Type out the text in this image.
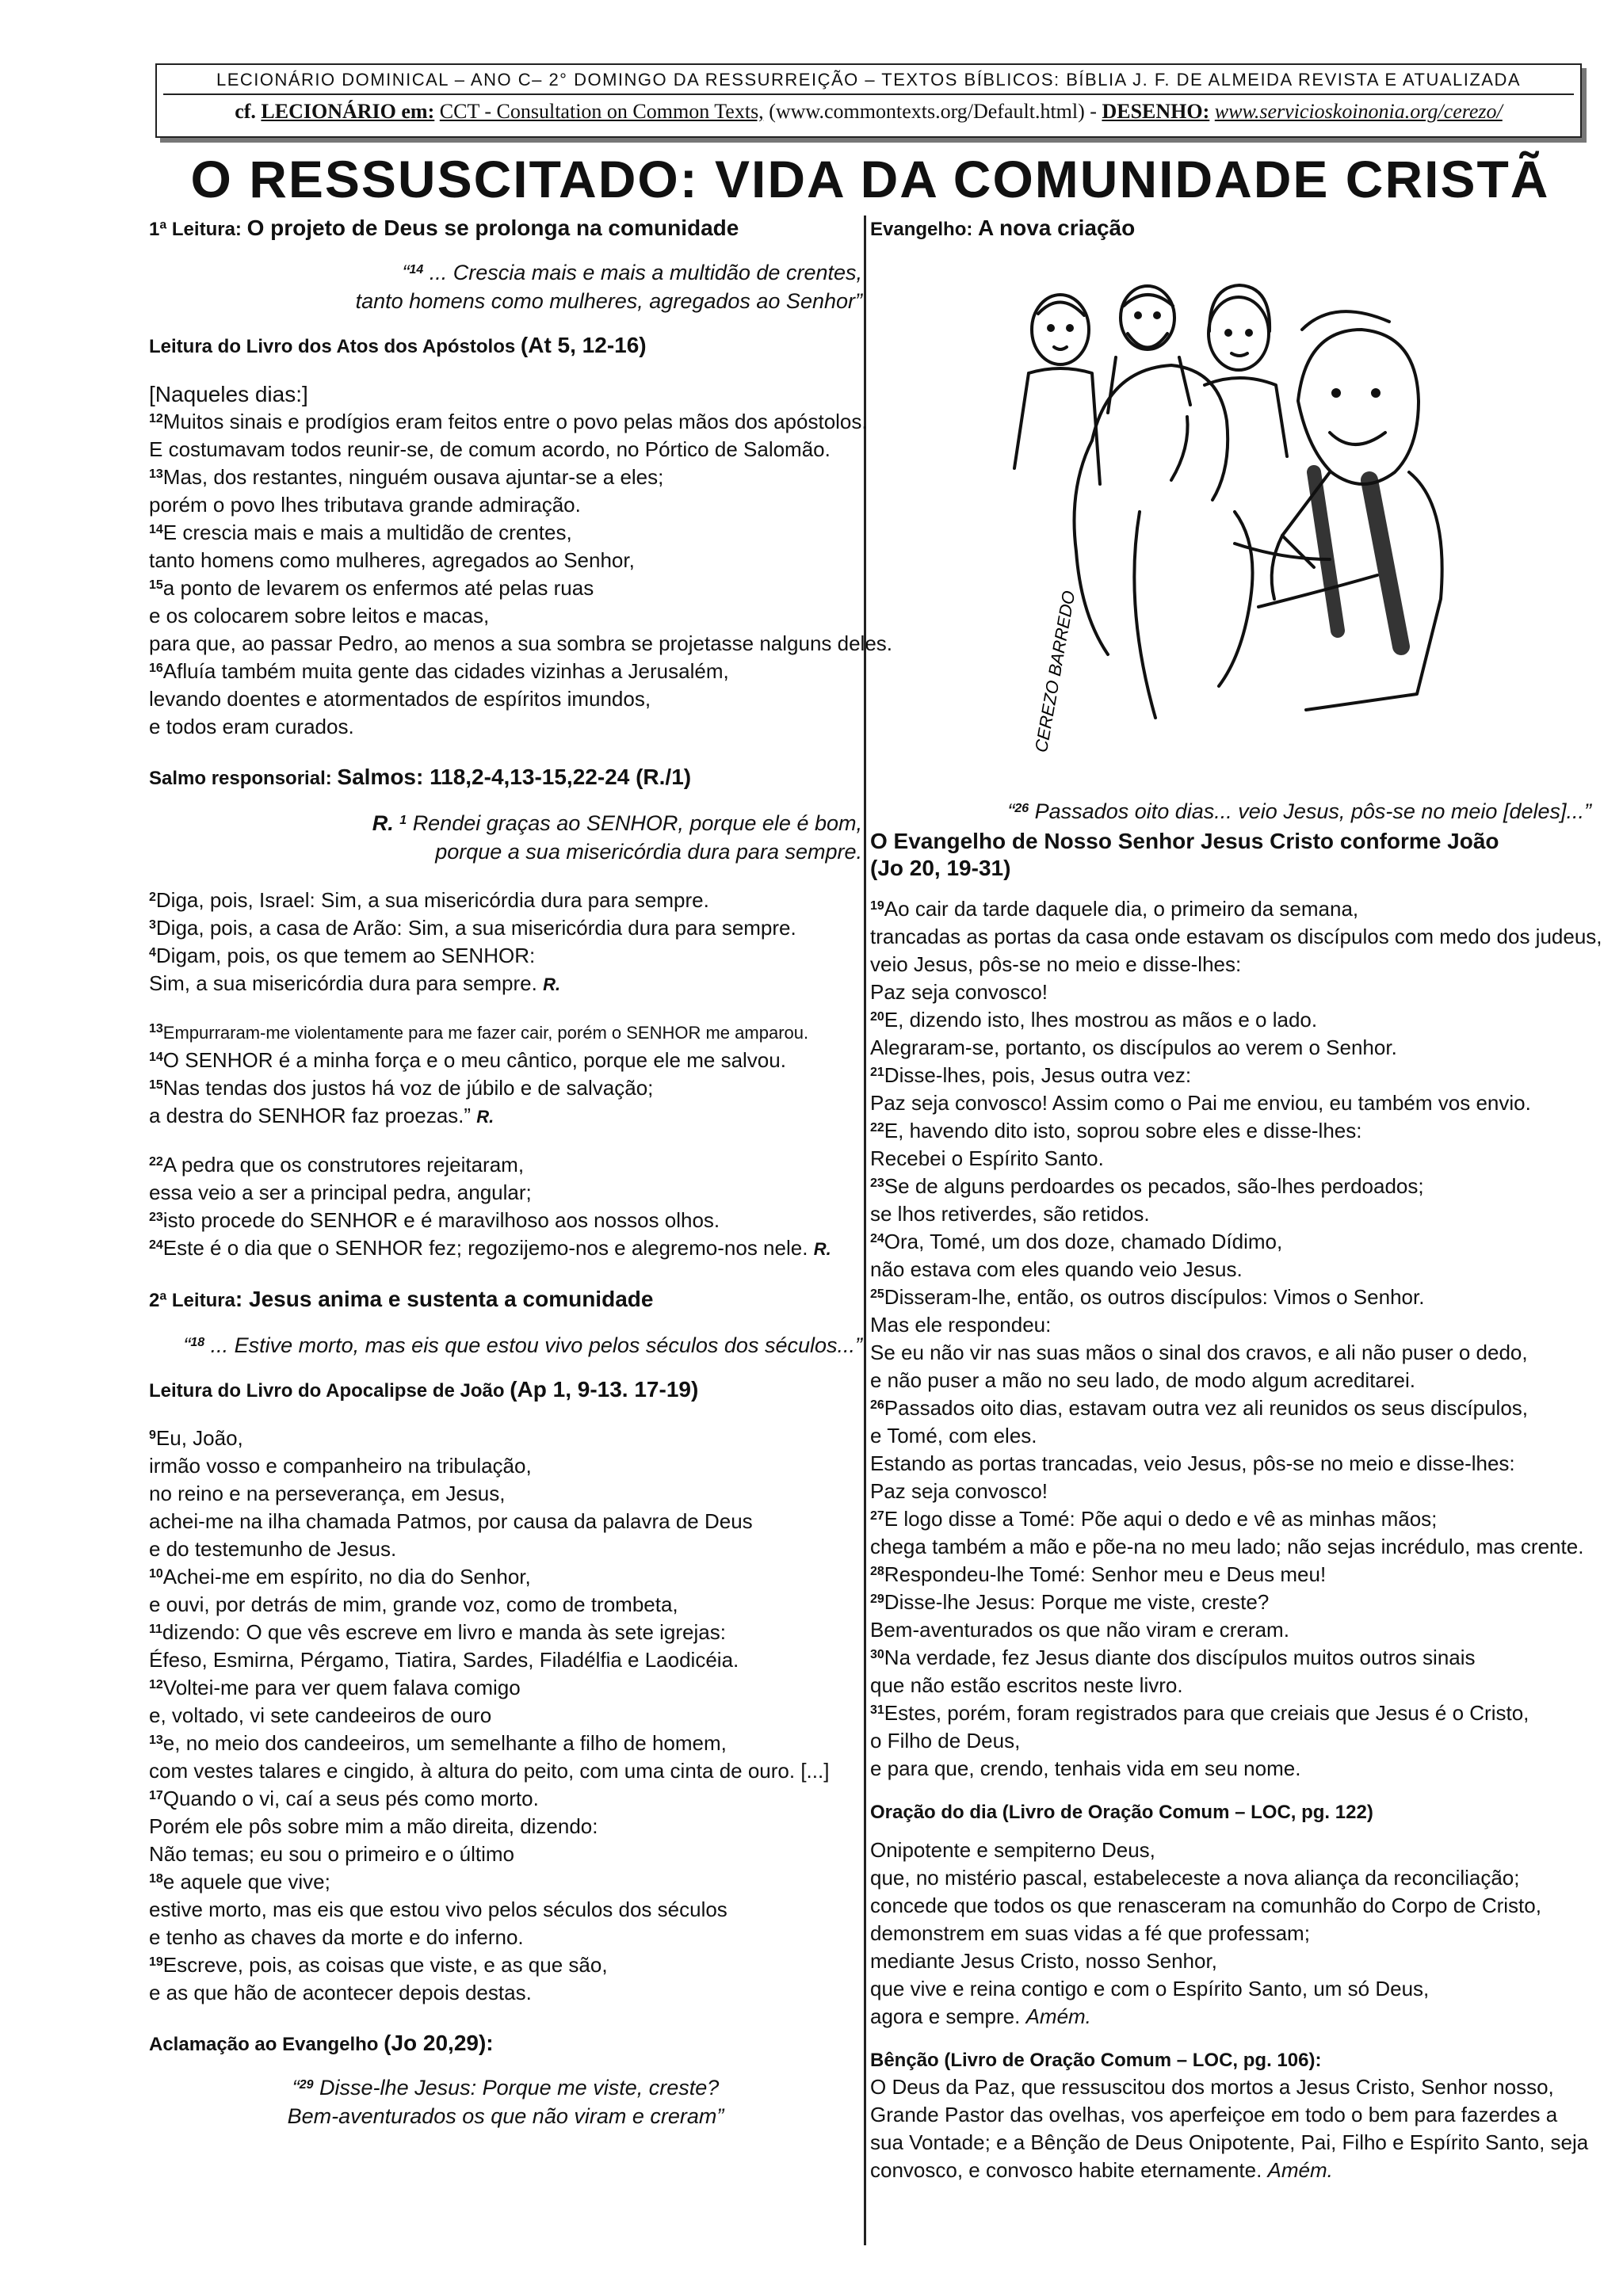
LECIONÁRIO DOMINICAL – ANO C– 2° DOMINGO DA RESSURREIÇÃO – TEXTOS BÍBLICOS: BÍBLIA J. F. DE ALMEIDA REVISTA E ATUALIZADA
cf. LECIONÁRIO em: CCT - Consultation on Common Texts, (www.commontexts.org/Default.html) - DESENHO: www.servicioskoinonia.org/cerezo/
O RESSUSCITADO: VIDA DA COMUNIDADE CRISTÃ
1ª Leitura: O projeto de Deus se prolonga na comunidade
“$^{14}$ ... Crescia mais e mais a multidão de crentes,
tanto homens como mulheres, agregados ao Senhor”
Leitura do Livro dos Atos dos Apóstolos (At 5, 12-16)
[Naqueles dias:]
$^{12}$Muitos sinais e prodígios eram feitos entre o povo pelas mãos dos apóstolos.
E costumavam todos reunir-se, de comum acordo, no Pórtico de Salomão.
$^{13}$Mas, dos restantes, ninguém ousava ajuntar-se a eles;
porém o povo lhes tributava grande admiração.
$^{14}$E crescia mais e mais a multidão de crentes,
tanto homens como mulheres, agregados ao Senhor,
$^{15}$a ponto de levarem os enfermos até pelas ruas
e os colocarem sobre leitos e macas,
para que, ao passar Pedro, ao menos a sua sombra se projetasse nalguns deles.
$^{16}$Afluía também muita gente das cidades vizinhas a Jerusalém,
levando doentes e atormentados de espíritos imundos,
e todos eram curados.
Salmo responsorial: Salmos: 118,2-4,13-15,22-24 (R./1)
R. $^1$ Rendei graças ao SENHOR, porque ele é bom,
porque a sua misericórdia dura para sempre.
$^2$Diga, pois, Israel: Sim, a sua misericórdia dura para sempre.
$^3$Diga, pois, a casa de Arão: Sim, a sua misericórdia dura para sempre.
$^4$Digam, pois, os que temem ao SENHOR:
Sim, a sua misericórdia dura para sempre. R.
$^{13}$Empurraram-me violentamente para me fazer cair, porém o SENHOR me amparou.
$^{14}$O SENHOR é a minha força e o meu cântico, porque ele me salvou.
$^{15}$Nas tendas dos justos há voz de júbilo e de salvação;
a destra do SENHOR faz proezas.” R.
$^{22}$A pedra que os construtores rejeitaram,
essa veio a ser a principal pedra, angular;
$^{23}$isto procede do SENHOR e é maravilhoso aos nossos olhos.
$^{24}$Este é o dia que o SENHOR fez; regozijemo-nos e alegremo-nos nele. R.
2ª Leitura: Jesus anima e sustenta a comunidade
“$^{18}$ ... Estive morto, mas eis que estou vivo pelos séculos dos séculos...”
Leitura do Livro do Apocalipse de João (Ap 1, 9-13. 17-19)
$^9$Eu, João,
irmão vosso e companheiro na tribulação,
no reino e na perseverança, em Jesus,
achei-me na ilha chamada Patmos, por causa da palavra de Deus
e do testemunho de Jesus.
$^{10}$Achei-me em espírito, no dia do Senhor,
e ouvi, por detrás de mim, grande voz, como de trombeta,
$^{11}$dizendo: O que vês escreve em livro e manda às sete igrejas:
Éfeso, Esmirna, Pérgamo, Tiatira, Sardes, Filadélfia e Laodicéia.
$^{12}$Voltei-me para ver quem falava comigo
e, voltado, vi sete candeeiros de ouro
$^{13}$e, no meio dos candeeiros, um semelhante a filho de homem,
com vestes talares e cingido, à altura do peito, com uma cinta de ouro. [...]
$^{17}$Quando o vi, caí a seus pés como morto.
Porém ele pôs sobre mim a mão direita, dizendo:
Não temas; eu sou o primeiro e o último
$^{18}$e aquele que vive;
estive morto, mas eis que estou vivo pelos séculos dos séculos
e tenho as chaves da morte e do inferno.
$^{19}$Escreve, pois, as coisas que viste, e as que são,
e as que hão de acontecer depois destas.
Aclamação ao Evangelho (Jo 20,29):
“$^{29}$ Disse-lhe Jesus: Porque me viste, creste?
Bem-aventurados os que não viram e creram”
Evangelho: A nova criação
CEREZO BARREDO
“$^{26}$ Passados oito dias... veio Jesus, pôs-se no meio [deles]...”
O Evangelho de Nosso Senhor Jesus Cristo conforme João
(Jo 20, 19-31)
$^{19}$Ao cair da tarde daquele dia, o primeiro da semana,
trancadas as portas da casa onde estavam os discípulos com medo dos judeus,
veio Jesus, pôs-se no meio e disse-lhes:
Paz seja convosco!
$^{20}$E, dizendo isto, lhes mostrou as mãos e o lado.
Alegraram-se, portanto, os discípulos ao verem o Senhor.
$^{21}$Disse-lhes, pois, Jesus outra vez:
Paz seja convosco! Assim como o Pai me enviou, eu também vos envio.
$^{22}$E, havendo dito isto, soprou sobre eles e disse-lhes:
Recebei o Espírito Santo.
$^{23}$Se de alguns perdoardes os pecados, são-lhes perdoados;
se lhos retiverdes, são retidos.
$^{24}$Ora, Tomé, um dos doze, chamado Dídimo,
não estava com eles quando veio Jesus.
$^{25}$Disseram-lhe, então, os outros discípulos: Vimos o Senhor.
Mas ele respondeu:
Se eu não vir nas suas mãos o sinal dos cravos, e ali não puser o dedo,
e não puser a mão no seu lado, de modo algum acreditarei.
$^{26}$Passados oito dias, estavam outra vez ali reunidos os seus discípulos,
e Tomé, com eles.
Estando as portas trancadas, veio Jesus, pôs-se no meio e disse-lhes:
Paz seja convosco!
$^{27}$E logo disse a Tomé: Põe aqui o dedo e vê as minhas mãos;
chega também a mão e põe-na no meu lado; não sejas incrédulo, mas crente.
$^{28}$Respondeu-lhe Tomé: Senhor meu e Deus meu!
$^{29}$Disse-lhe Jesus: Porque me viste, creste?
Bem-aventurados os que não viram e creram.
$^{30}$Na verdade, fez Jesus diante dos discípulos muitos outros sinais
que não estão escritos neste livro.
$^{31}$Estes, porém, foram registrados para que creiais que Jesus é o Cristo,
o Filho de Deus,
e para que, crendo, tenhais vida em seu nome.
Oração do dia (Livro de Oração Comum – LOC, pg. 122)
Onipotente e sempiterno Deus,
que, no mistério pascal, estabeleceste a nova aliança da reconciliação;
concede que todos os que renasceram na comunhão do Corpo de Cristo,
demonstrem em suas vidas a fé que professam;
mediante Jesus Cristo, nosso Senhor,
que vive e reina contigo e com o Espírito Santo, um só Deus,
agora e sempre. Amém.
Bênção (Livro de Oração Comum – LOC, pg. 106):
O Deus da Paz, que ressuscitou dos mortos a Jesus Cristo, Senhor nosso,
Grande Pastor das ovelhas, vos aperfeiçoe em todo o bem para fazerdes a
sua Vontade; e a Bênção de Deus Onipotente, Pai, Filho e Espírito Santo, seja
convosco, e convosco habite eternamente. Amém.
